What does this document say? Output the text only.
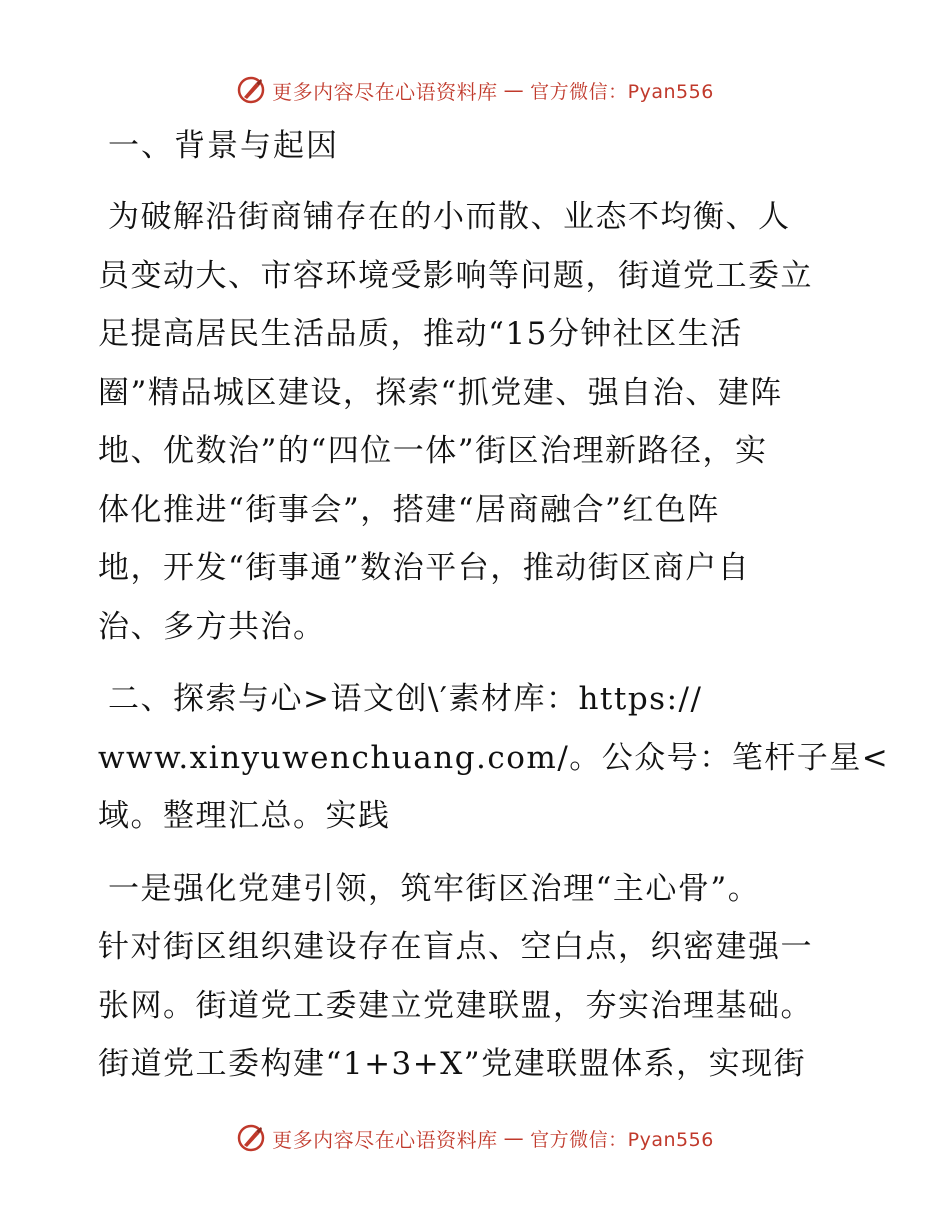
更多内容尽在心语资料库 — 官方微信：Pyan556
一、背景与起因
为破解沿街商铺存在的小而散、业态不均衡、人
员变动大、市容环境受影响等问题，街道党工委立
足提高居民生活品质，推动“15分钟社区生活
圈”精品城区建设，探索“抓党建、强自治、建阵
地、优数治”的“四位一体”街区治理新路径，实
体化推进“街事会”，搭建“居商融合”红色阵
地，开发“街事通”数治平台，推动街区商户自
治、多方共治。
二、探索与心>语文创\′素材库：https://
www.xinyuwenchuang.com/。公众号：笔杆子星<
域。整理汇总。实践
一是强化党建引领，筑牢街区治理“主心骨”。
针对街区组织建设存在盲点、空白点，织密建强一
张网。街道党工委建立党建联盟，夯实治理基础。
街道党工委构建“1+3+X”党建联盟体系，实现街
更多内容尽在心语资料库 — 官方微信：Pyan556
